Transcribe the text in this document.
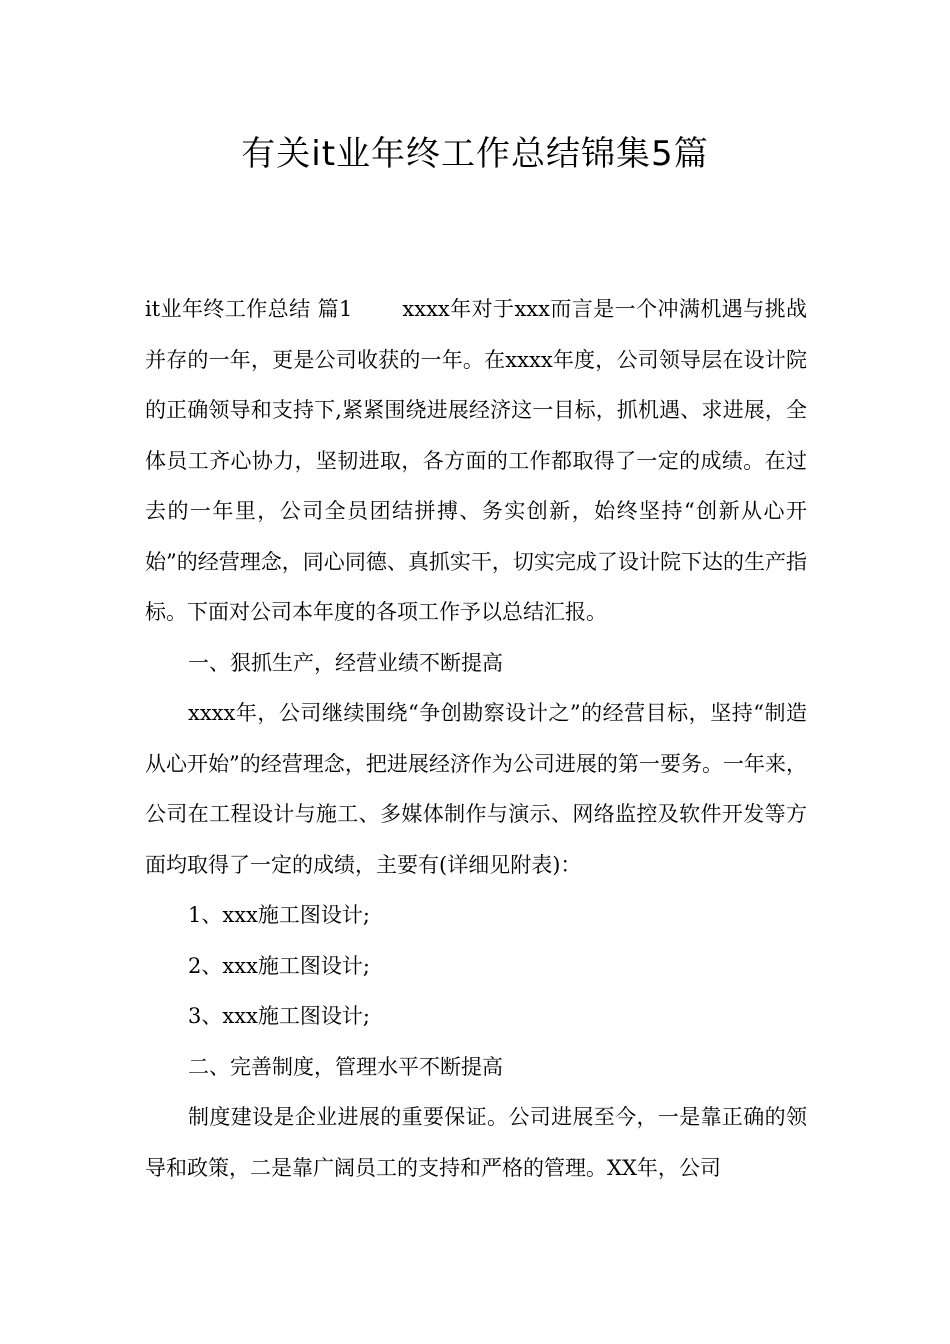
有关it业年终工作总结锦集5篇

it业年终工作总结 篇1 xxxx年对于xxx而言是一个冲满机遇与挑战并存的一年，更是公司收获的一年。在xxxx年度，公司领导层在设计院的正确领导和支持下,紧紧围绕进展经济这一目标，抓机遇、求进展，全体员工齐心协力，坚韧进取，各方面的工作都取得了一定的成绩。在过去的一年里，公司全员团结拼搏、务实创新，始终坚持“创新从心开始”的经营理念，同心同德、真抓实干，切实完成了设计院下达的生产指标。下面对公司本年度的各项工作予以总结汇报。

一、狠抓生产，经营业绩不断提高

xxxx年，公司继续围绕“争创勘察设计之”的经营目标，坚持“制造从心开始”的经营理念，把进展经济作为公司进展的第一要务。一年来，公司在工程设计与施工、多媒体制作与演示、网络监控及软件开发等方面均取得了一定的成绩，主要有(详细见附表)：

1、xxx施工图设计;

2、xxx施工图设计;

3、xxx施工图设计;

二、完善制度，管理水平不断提高

制度建设是企业进展的重要保证。公司进展至今，一是靠正确的领导和政策，二是靠广阔员工的支持和严格的管理。XX年，公司
